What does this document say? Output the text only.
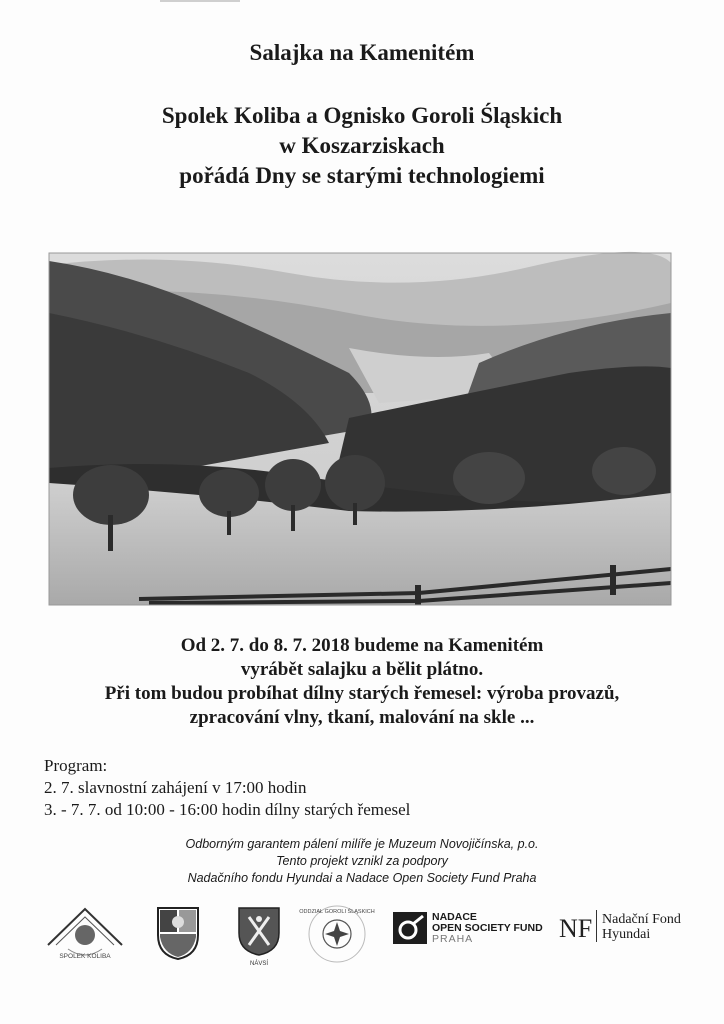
Salajka na Kamenitém
Spolek Koliba a Ognisko Goroli Śląskich
w Koszarziskach
pořádá Dny se starými technologiemi
Od 2. 7. do 8. 7. 2018 budeme na Kamenitém
vyrábět salajku a bělit plátno.
Při tom budou probíhat dílny starých řemesel: výroba provazů,
zpracování vlny, tkaní, malování na skle ...
Program:
2. 7. slavnostní zahájení v 17:00 hodin
3. - 7. 7. od 10:00 - 16:00 hodin dílny starých řemesel
Odborným garantem pálení milíře je Muzeum Novojičínska, p.o.
Tento projekt vznikl za podpory
Nadačního fondu Hyundai a Nadace Open Society Fund Praha
SPOLEK KOLIBA
NÁVSÍ
ODDZIAŁ GOROLI ŚLĄSKICH	NADACE
OPEN SOCIETY FUND
PRAHA	NF Nadační Fond
Hyundai
